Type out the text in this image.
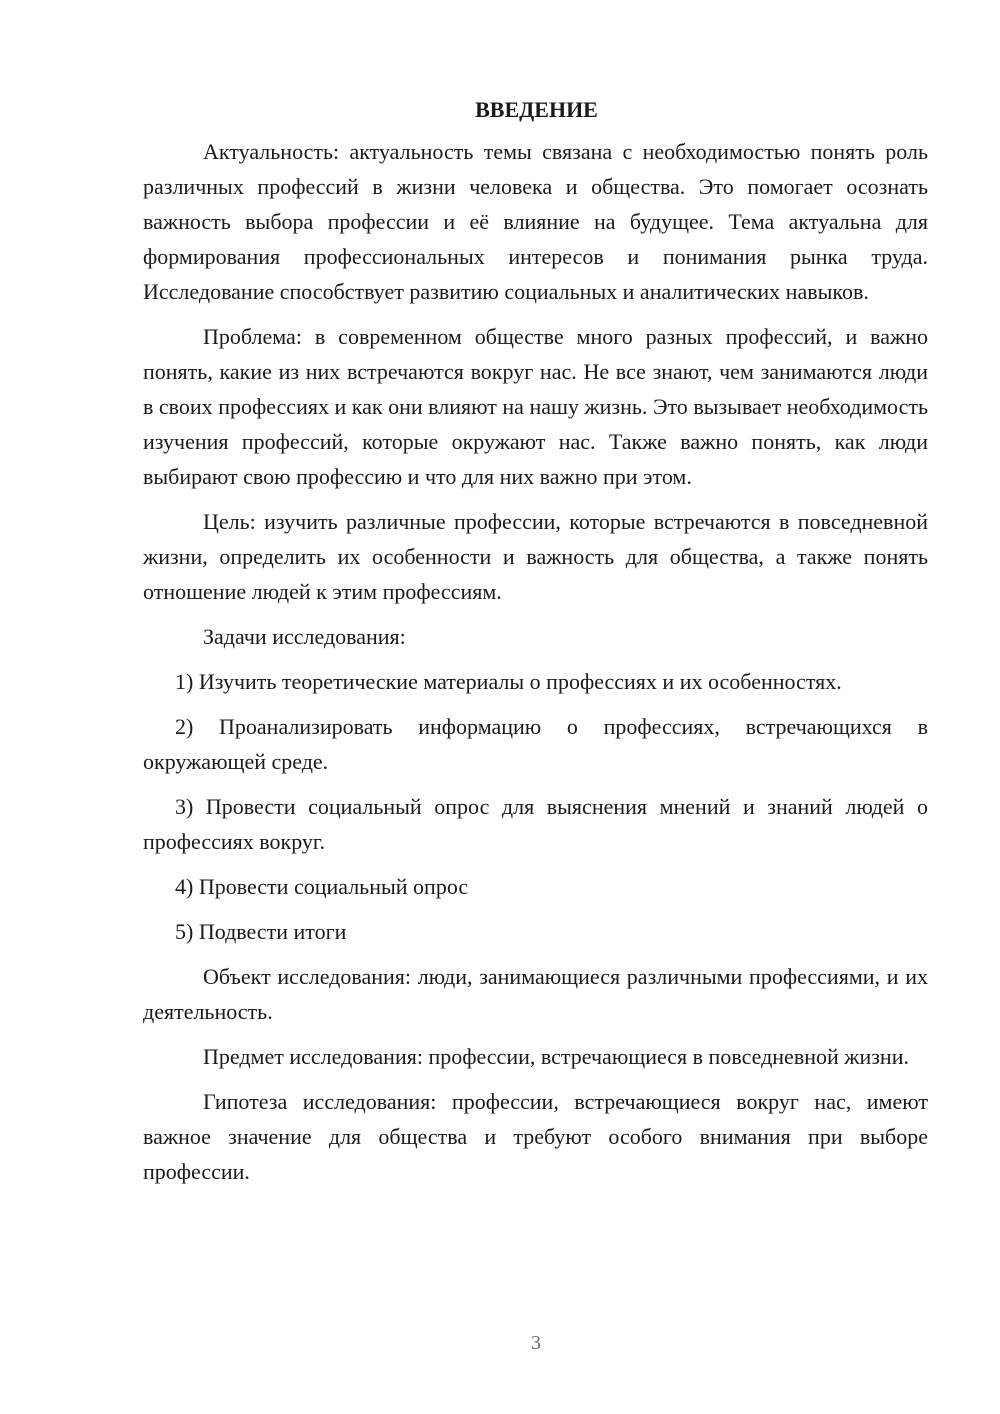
ВВЕДЕНИЕ

Актуальность: актуальность темы связана с необходимостью понять роль различных профессий в жизни человека и общества. Это помогает осознать важность выбора профессии и её влияние на будущее. Тема актуальна для формирования профессиональных интересов и понимания рынка труда. Исследование способствует развитию социальных и аналитических навыков.

Проблема: в современном обществе много разных профессий, и важно понять, какие из них встречаются вокруг нас. Не все знают, чем занимаются люди в своих профессиях и как они влияют на нашу жизнь. Это вызывает необходимость изучения профессий, которые окружают нас. Также важно понять, как люди выбирают свою профессию и что для них важно при этом.

Цель: изучить различные профессии, которые встречаются в повседневной жизни, определить их особенности и важность для общества, а также понять отношение людей к этим профессиям.

Задачи исследования:

1) Изучить теоретические материалы о профессиях и их особенностях.

2) Проанализировать информацию о профессиях, встречающихся в окружающей среде.

3) Провести социальный опрос для выяснения мнений и знаний людей о профессиях вокруг.

4) Провести социальный опрос

5) Подвести итоги

Объект исследования: люди, занимающиеся различными профессиями, и их деятельность.

Предмет исследования: профессии, встречающиеся в повседневной жизни.

Гипотеза исследования: профессии, встречающиеся вокруг нас, имеют важное значение для общества и требуют особого внимания при выборе профессии.

3
